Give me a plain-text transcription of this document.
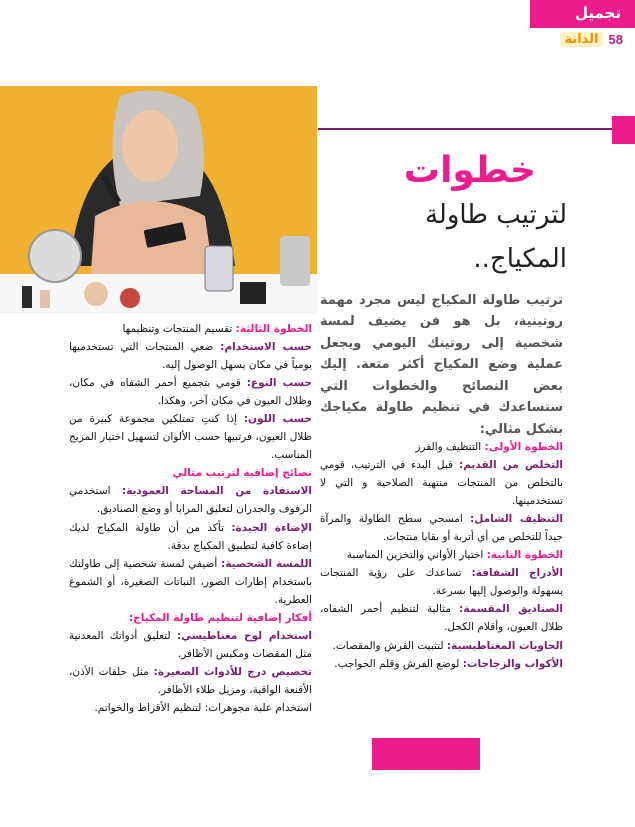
تجميل
الدانة 58
خطوات
لترتيب طاولة
المكياج..
ترتيب طاولة المكياج ليس مجرد مهمة روتينية، بل هو فن يضيف لمسة شخصية إلى روتينك اليومي ويجعل عملية وضع المكياج أكثر متعة. إليك بعض النصائح والخطوات التي ستساعدك في تنظيم طاولة مكياجك بشكل مثالي:

الخطوة الأولى: التنظيف والفرز

التخلص من القديم: قبل البدء في الترتيب، قومي بالتخلص من المنتجات منتهية الصلاحية و التي لا تستخدمينها.

التنظيف الشامل: امسحي سطح الطاولة والمرآة جيداً للتخلص من أي أتربة أو بقايا منتجات.

الخطوة الثانية: اختيار الأواني والتخزين المناسبة

الأدراج الشفافة: تساعدك على رؤية المنتجات بسهولة والوصول إليها بسرعة.

الصناديق المقسمة: مثالية لتنظيم أحمر الشفاه، ظلال العيون، وأقلام الكحل.

الحاويات المغناطيسية: لتثبيت الفرش والمقصات.

الأكواب والزجاجات: لوضع الفرش وقلم الحواجب.

الخطوة الثالثة: تقسيم المنتجات وتنظيمها

حسب الاستخدام: ضعي المنتجات التي تستخدميها يومياً في مكان يسهل الوصول إليه.

حسب النوع: قومي بتجميع أحمر الشفاه في مكان، وظلال العيون في مكان آخر، وهكذا.

حسب اللون: إذا كنتِ تمتلكين مجموعة كبيرة من ظلال العيون، فرتبيها حسب الألوان لتسهيل اختيار المزيج المناسب.

نصائح إضافية لترتيب مثالي

الاستفادة من المساحة العمودية: استخدمي الرفوف والجدران لتعليق المرايا أو وضع الصناديق.

الإضاءة الجيدة: تأكد من أن طاولة المكياج لديك إضاءة كافية لتطبيق المكياج بدقة.

اللمسة الشخصية: أضيفي لمسة شخصية إلى طاولتك باستخدام إطارات الصور، النباتات الصغيرة، أو الشموع العطرية.

أفكار إضافية لتنظيم طاولة المكياج:

استخدام لوح مغناطيسي: لتعليق أدواتك المعدنية مثل المقصات ومكبس الأظافر.

تخصيص درج للأدوات الصغيرة: مثل حلقات الأذن، الأقنعة الواقية، ومزيل طلاء الأظافر.

استخدام علبة مجوهرات: لتنظيم الأقراط والخواتم.
